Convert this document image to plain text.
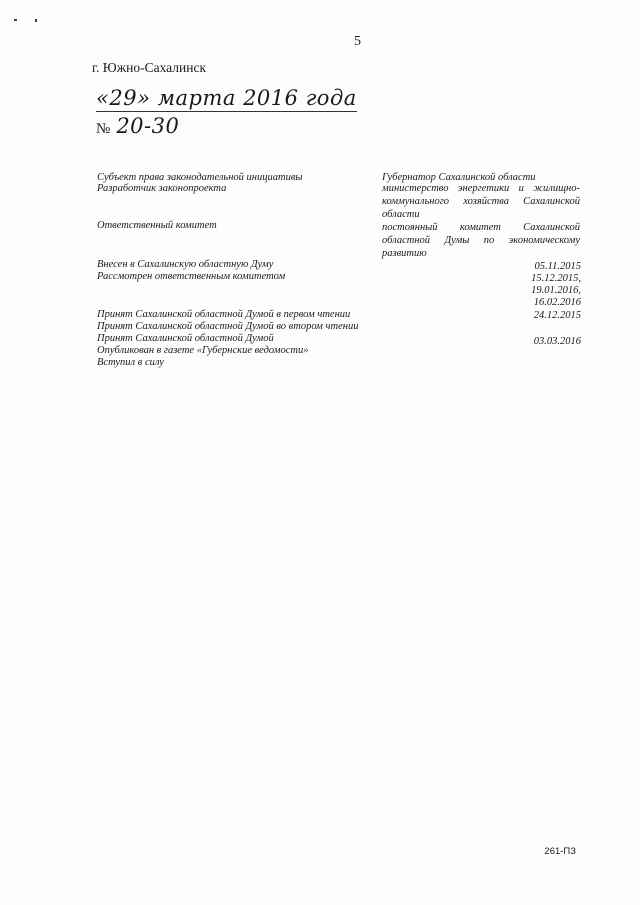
5
г. Южно-Сахалинск
«29» марта 2016 года
№ 20-30
Субъект права законодательной инициативы
Разработчик законопроекта
Ответственный комитет
Внесен в Сахалинскую областную Думу
Рассмотрен ответственным комитетом
Принят Сахалинской областной Думой в первом чтении
Принят Сахалинской областной Думой во втором чтении
Принят Сахалинской областной Думой
Опубликован в газете «Губернские ведомости»
Вступил в силу
Губернатор Сахалинской области
министерство энергетики и жилищно-
коммунального хозяйства Сахалинской
области
постоянный комитет Сахалинской
областной Думы по экономическому
развитию
05.11.2015
15.12.2015,
19.01.2016,
16.02.2016
24.12.2015
03.03.2016
261-ПЗ
